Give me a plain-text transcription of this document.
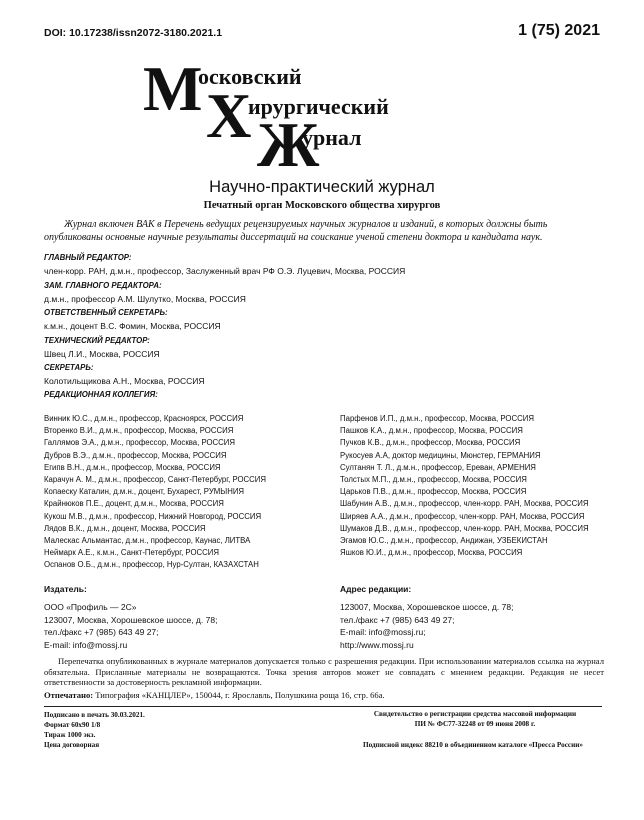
DOI: 10.17238/issn2072-3180.2021.1	1 (75) 2021
М
осковский
Х
ирургический
Ж
урнал
Научно-практический журнал
Печатный орган Московского общества хирургов
Журнал включен ВАК в Перечень ведущих рецензируемых научных журналов и изданий, в которых должны быть опубликованы основные научные результаты диссертаций на соискание ученой степени доктора и кандидата наук.
ГЛАВНЫЙ РЕДАКТОР:
член-корр. РАН, д.м.н., профессор, Заслуженный врач РФ О.Э. Луцевич, Москва, РОССИЯ
ЗАМ. ГЛАВНОГО РЕДАКТОРА:
д.м.н., профессор А.М. Шулутко, Москва, РОССИЯ
ОТВЕТСТВЕННЫЙ СЕКРЕТАРЬ:
к.м.н., доцент В.С. Фомин, Москва, РОССИЯ
ТЕХНИЧЕСКИЙ РЕДАКТОР:
Швец Л.И., Москва, РОССИЯ
СЕКРЕТАРЬ:
Колотильщикова А.Н., Москва, РОССИЯ
РЕДАКЦИОННАЯ КОЛЛЕГИЯ:
Винник Ю.С., д.м.н., профессор, Красноярск, РОССИЯ
Вторенко В.И., д.м.н., профессор, Москва, РОССИЯ
Галлямов Э.А., д.м.н., профессор, Москва, РОССИЯ
Дубров В.Э., д.м.н., профессор, Москва, РОССИЯ
Египв В.Н., д.м.н., профессор, Москва, РОССИЯ
Карачун А. М., д.м.н., профессор, Санкт-Петербург, РОССИЯ
Копаескy Каталин, д.м.н., доцент, Бухарест, РУМЫНИЯ
Крайнюков П.Е., доцент, д.м.н., Москва, РОССИЯ
Кукош М.В., д.м.н., профессор, Нижний Новгород, РОССИЯ
Лядов В.К., д.м.н., доцент, Москва, РОССИЯ
Малескас Альмантас, д.м.н., профессор, Каунас, ЛИТВА
Неймарк А.Е., к.м.н., Санкт-Петербург, РОССИЯ
Оспанов О.Б., д.м.н., профессор, Нур-Султан, КАЗАХСТАН
Парфенов И.П., д.м.н., профессор, Москва, РОССИЯ
Пашков К.А., д.м.н., профессор, Москва, РОССИЯ
Пучков К.В., д.м.н., профессор, Москва, РОССИЯ
Рукосуев А.А, доктор медицины, Мюнстер, ГЕРМАНИЯ
Султанян Т. Л., д.м.н., профессор, Ереван, АРМЕНИЯ
Толстых М.П., д.м.н., профессор, Москва, РОССИЯ
Царьков П.В., д.м.н., профессор, Москва, РОССИЯ
Шабунин А.В., д.м.н., профессор, член-корр. РАН, Москва, РОССИЯ
Ширяев А.А., д.м.н., профессор, член-корр. РАН, Москва, РОССИЯ
Шумаков Д.В., д.м.н., профессор, член-корр. РАН, Москва, РОССИЯ
Эгамов Ю.С., д.м.н., профессор, Андижан, УЗБЕКИСТАН
Яшков Ю.И., д.м.н., профессор, Москва, РОССИЯ
Издатель:
ООО «Профиль — 2С»
123007, Москва, Хорошевское шоссе, д. 78;
тел./факс +7 (985) 643 49 27;
E-mail: info@mossj.ru
Адрес редакции:
123007, Москва, Хорошевское шоссе, д. 78;
тел./факс +7 (985) 643 49 27;
E-mail: info@mossj.ru;
http://www.mossj.ru
Перепечатка опубликованных в журнале материалов допускается только с разрешения редакции. При использовании материалов ссылка на журнал обязательна. Присланные материалы не возвращаются. Точка зрения авторов может не совпадать с мнением редакции. Редакция не несет ответственности за достоверность рекламной информации.
Отпечатано: Типография «КАНЦЛЕР», 150044, г. Ярославль, Полушкина роща 16, стр. 66а.
Подписано в печать 30.03.2021.
Формат 60х90 1/8
Тираж 1000 экз.
Цена договорная
Свидетельство о регистрации средства массовой информации
ПИ № ФС77-32248 от 09 июня 2008 г.
Подписной индекс 88210 в объединенном каталоге «Пресса России»
